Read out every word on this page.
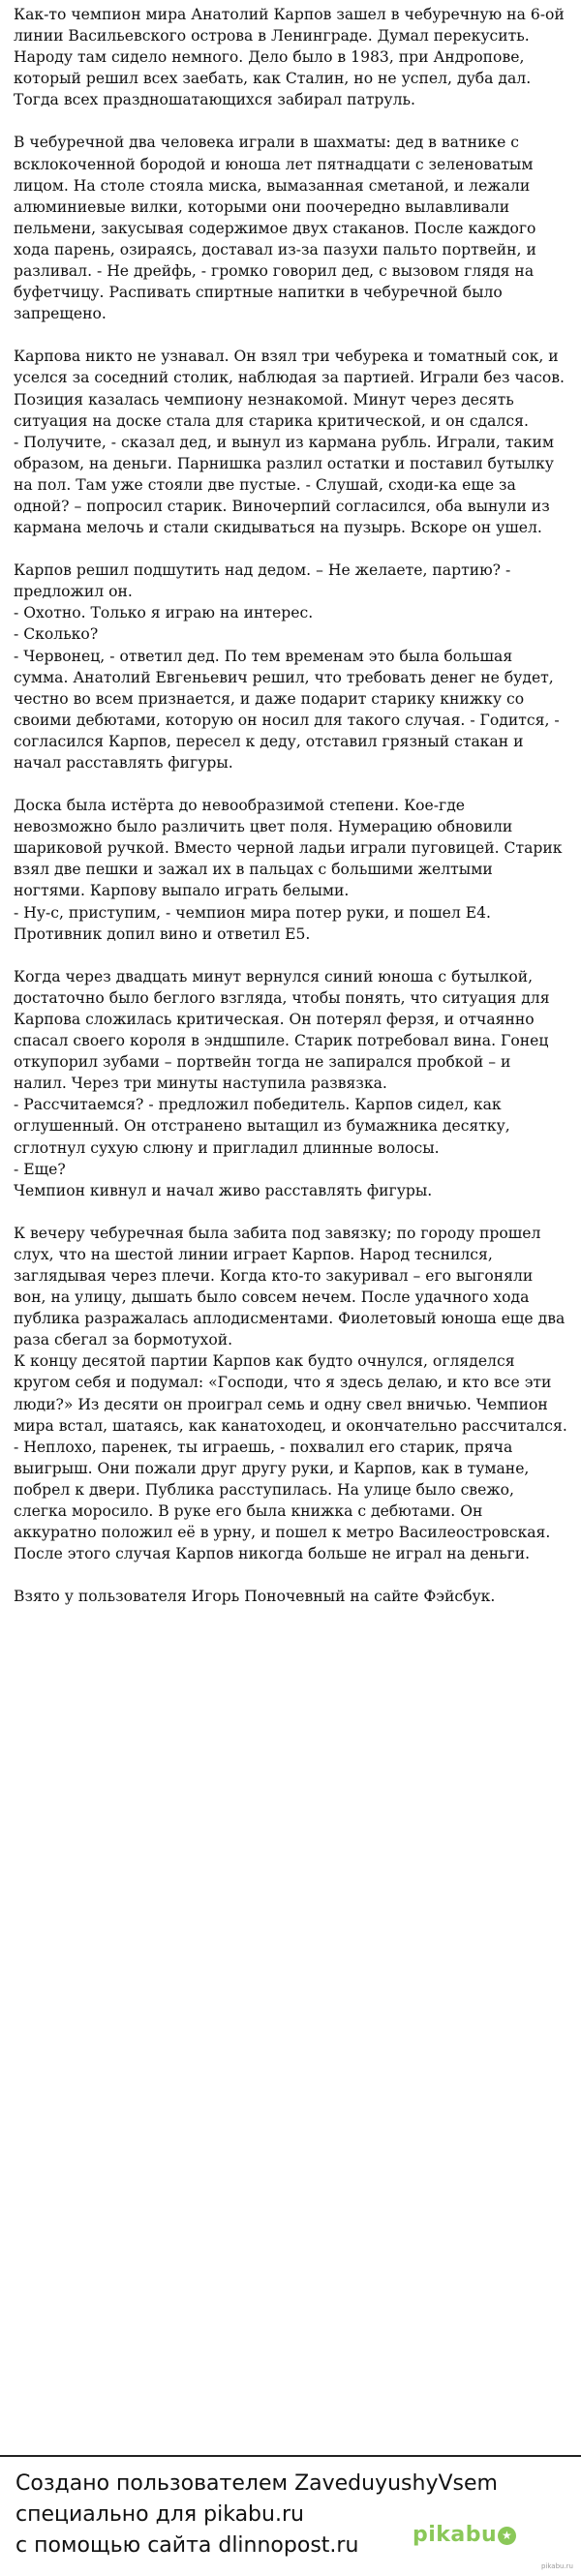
Как-то чемпион мира Анатолий Карпов зашел в чебуречную на 6-ой линии Васильевского острова в Ленинграде. Думал перекусить. Народу там сидело немного. Дело было в 1983, при Андропове, который решил всех заебать, как Сталин, но не успел, дуба дал. Тогда всех праздношатающихся забирал патруль.

В чебуречной два человека играли в шахматы: дед в ватнике с всклокоченной бородой и юноша лет пятнадцати с зеленоватым лицом. На столе стояла миска, вымазанная сметаной, и лежали алюминиевые вилки, которыми они поочередно вылавливали пельмени, закусывая содержимое двух стаканов. После каждого хода парень, озираясь, доставал из-за пазухи пальто портвейн, и разливал. - Не дрейфь, - громко говорил дед, с вызовом глядя на буфетчицу. Распивать спиртные напитки в чебуречной было запрещено.

Карпова никто не узнавал. Он взял три чебурека и томатный сок, и уселся за соседний столик, наблюдая за партией. Играли без часов. Позиция казалась чемпиону незнакомой. Минут через десять ситуация на доске стала для старика критической, и он сдался.
- Получите, - сказал дед, и вынул из кармана рубль. Играли, таким образом, на деньги. Парнишка разлил остатки и поставил бутылку на пол. Там уже стояли две пустые. - Слушай, сходи-ка еще за одной? – попросил старик. Виночерпий согласился, оба вынули из кармана мелочь и стали скидываться на пузырь. Вскоре он ушел.

Карпов решил подшутить над дедом. – Не желаете, партию? - предложил он.
- Охотно. Только я играю на интерес.
- Сколько?
- Червонец, - ответил дед. По тем временам это была большая сумма. Анатолий Евгеньевич решил, что требовать денег не будет, честно во всем признается, и даже подарит старику книжку со своими дебютами, которую он носил для такого случая. - Годится, - согласился Карпов, пересел к деду, отставил грязный стакан и начал расставлять фигуры.

Доска была истёрта до невообразимой степени. Кое-где невозможно было различить цвет поля. Нумерацию обновили шариковой ручкой. Вместо черной ладьи играли пуговицей. Старик взял две пешки и зажал их в пальцах с большими желтыми ногтями. Карпову выпало играть белыми.
- Ну-с, приступим, - чемпион мира потер руки, и пошел Е4. Противник допил вино и ответил Е5.

Когда через двадцать минут вернулся синий юноша с бутылкой, достаточно было беглого взгляда, чтобы понять, что ситуация для Карпова сложилась критическая. Он потерял ферзя, и отчаянно спасал своего короля в эндшпиле. Старик потребовал вина. Гонец откупорил зубами – портвейн тогда не запирался пробкой – и налил. Через три минуты наступила развязка.
- Рассчитаемся? - предложил победитель. Карпов сидел, как оглушенный. Он отстранено вытащил из бумажника десятку, сглотнул сухую слюну и пригладил длинные волосы.
- Еще?
Чемпион кивнул и начал живо расставлять фигуры.

К вечеру чебуречная была забита под завязку; по городу прошел слух, что на шестой линии играет Карпов. Народ теснился, заглядывая через плечи. Когда кто-то закуривал – его выгоняли вон, на улицу, дышать было совсем нечем. После удачного хода публика разражалась аплодисментами. Фиолетовый юноша еще два раза сбегал за бормотухой.
К концу десятой партии Карпов как будто очнулся, огляделся кругом себя и подумал: «Господи, что я здесь делаю, и кто все эти люди?» Из десяти он проиграл семь и одну свел вничью. Чемпион мира встал, шатаясь, как канатоходец, и окончательно рассчитался.
- Неплохо, паренек, ты играешь, - похвалил его старик, пряча выигрыш. Они пожали друг другу руки, и Карпов, как в тумане, побрел к двери. Публика расступилась. На улице было свежо, слегка моросило. В руке его была книжка с дебютами. Он аккуратно положил её в урну, и пошел к метро Василеостровская. После этого случая Карпов никогда больше не играл на деньги.

Взято у пользователя Игорь Поночевный на сайте Фэйсбук.

Создано пользователем ZaveduyushyVsem
специально для pikabu.ru
с помощью сайта dlinnopost.ru	pikabu ★
pikabu.ru
